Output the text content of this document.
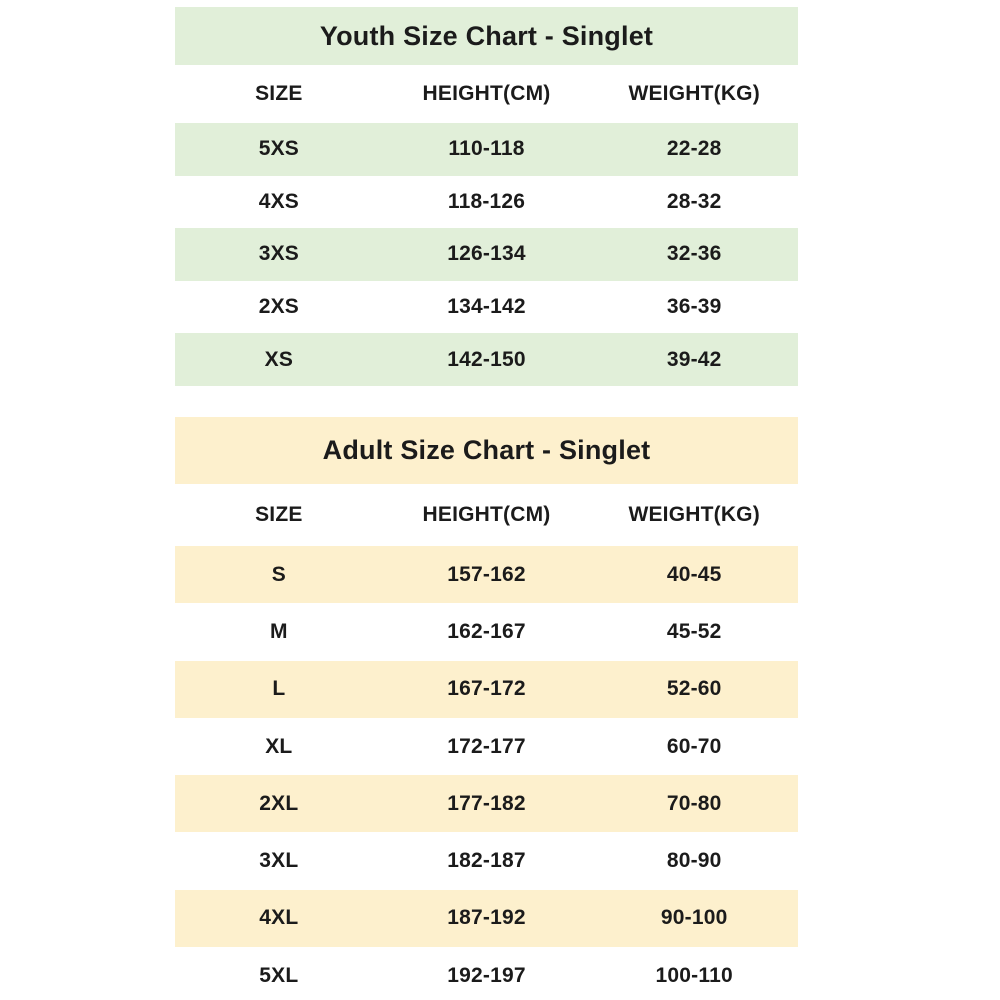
Youth Size Chart - Singlet
SIZE	HEIGHT(CM)	WEIGHT(KG)
5XS	110-118	22-28
4XS	118-126	28-32
3XS	126-134	32-36
2XS	134-142	36-39
XS	142-150	39-42
Adult Size Chart - Singlet
SIZE	HEIGHT(CM)	WEIGHT(KG)
S	157-162	40-45
M	162-167	45-52
L	167-172	52-60
XL	172-177	60-70
2XL	177-182	70-80
3XL	182-187	80-90
4XL	187-192	90-100
5XL	192-197	100-110
